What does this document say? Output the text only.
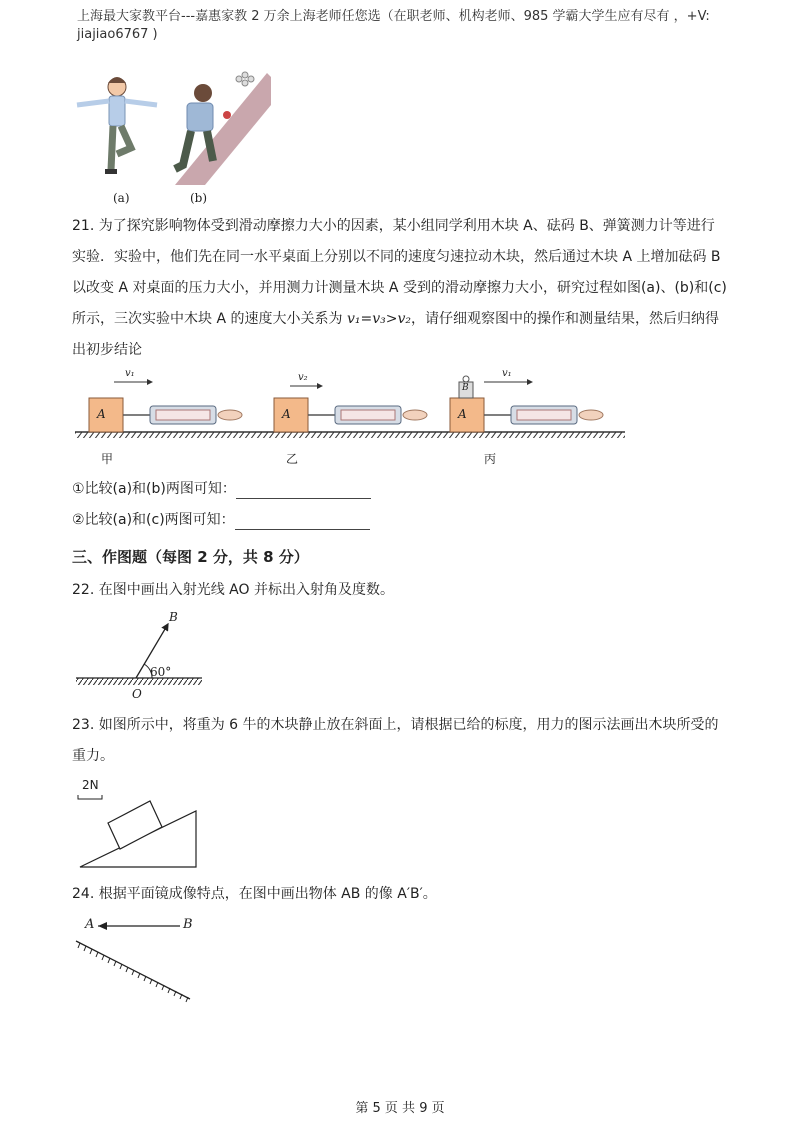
上海最大家教平台---嘉惠家教 2 万余上海老师任您选（在职老师、机构老师、985 学霸大学生应有尽有 ，+V:
jiajiao6767 )
(a)	(b)
21. 为了探究影响物体受到滑动摩擦力大小的因素，某小组同学利用木块 A、砝码 B、弹簧测力计等进行
实验．实验中，他们先在同一水平桌面上分别以不同的速度匀速拉动木块，然后通过木块 A 上增加砝码 B
以改变 A 对桌面的压力大小，并用测力计测量木块 A 受到的滑动摩擦力大小，研究过程如图(a)、(b)和(c)
所示，三次实验中木块 A 的速度大小关系为 v₁=v₃>v₂，请仔细观察图中的操作和测量结果，然后归纳得
出初步结论
A	A	A
B
v₁	v₂	v₁
甲	乙	丙
①比较(a)和(b)两图可知：
②比较(a)和(c)两图可知：
三、作图题（每图 2 分，共 8 分）
22. 在图中画出入射光线 AO 并标出入射角及度数。
B
60°
O
23. 如图所示中，将重为 6 牛的木块静止放在斜面上，请根据已给的标度，用力的图示法画出木块所受的
重力。
2N
24. 根据平面镜成像特点，在图中画出物体 AB 的像 A′B′。
A	B
第 5 页 共 9 页
